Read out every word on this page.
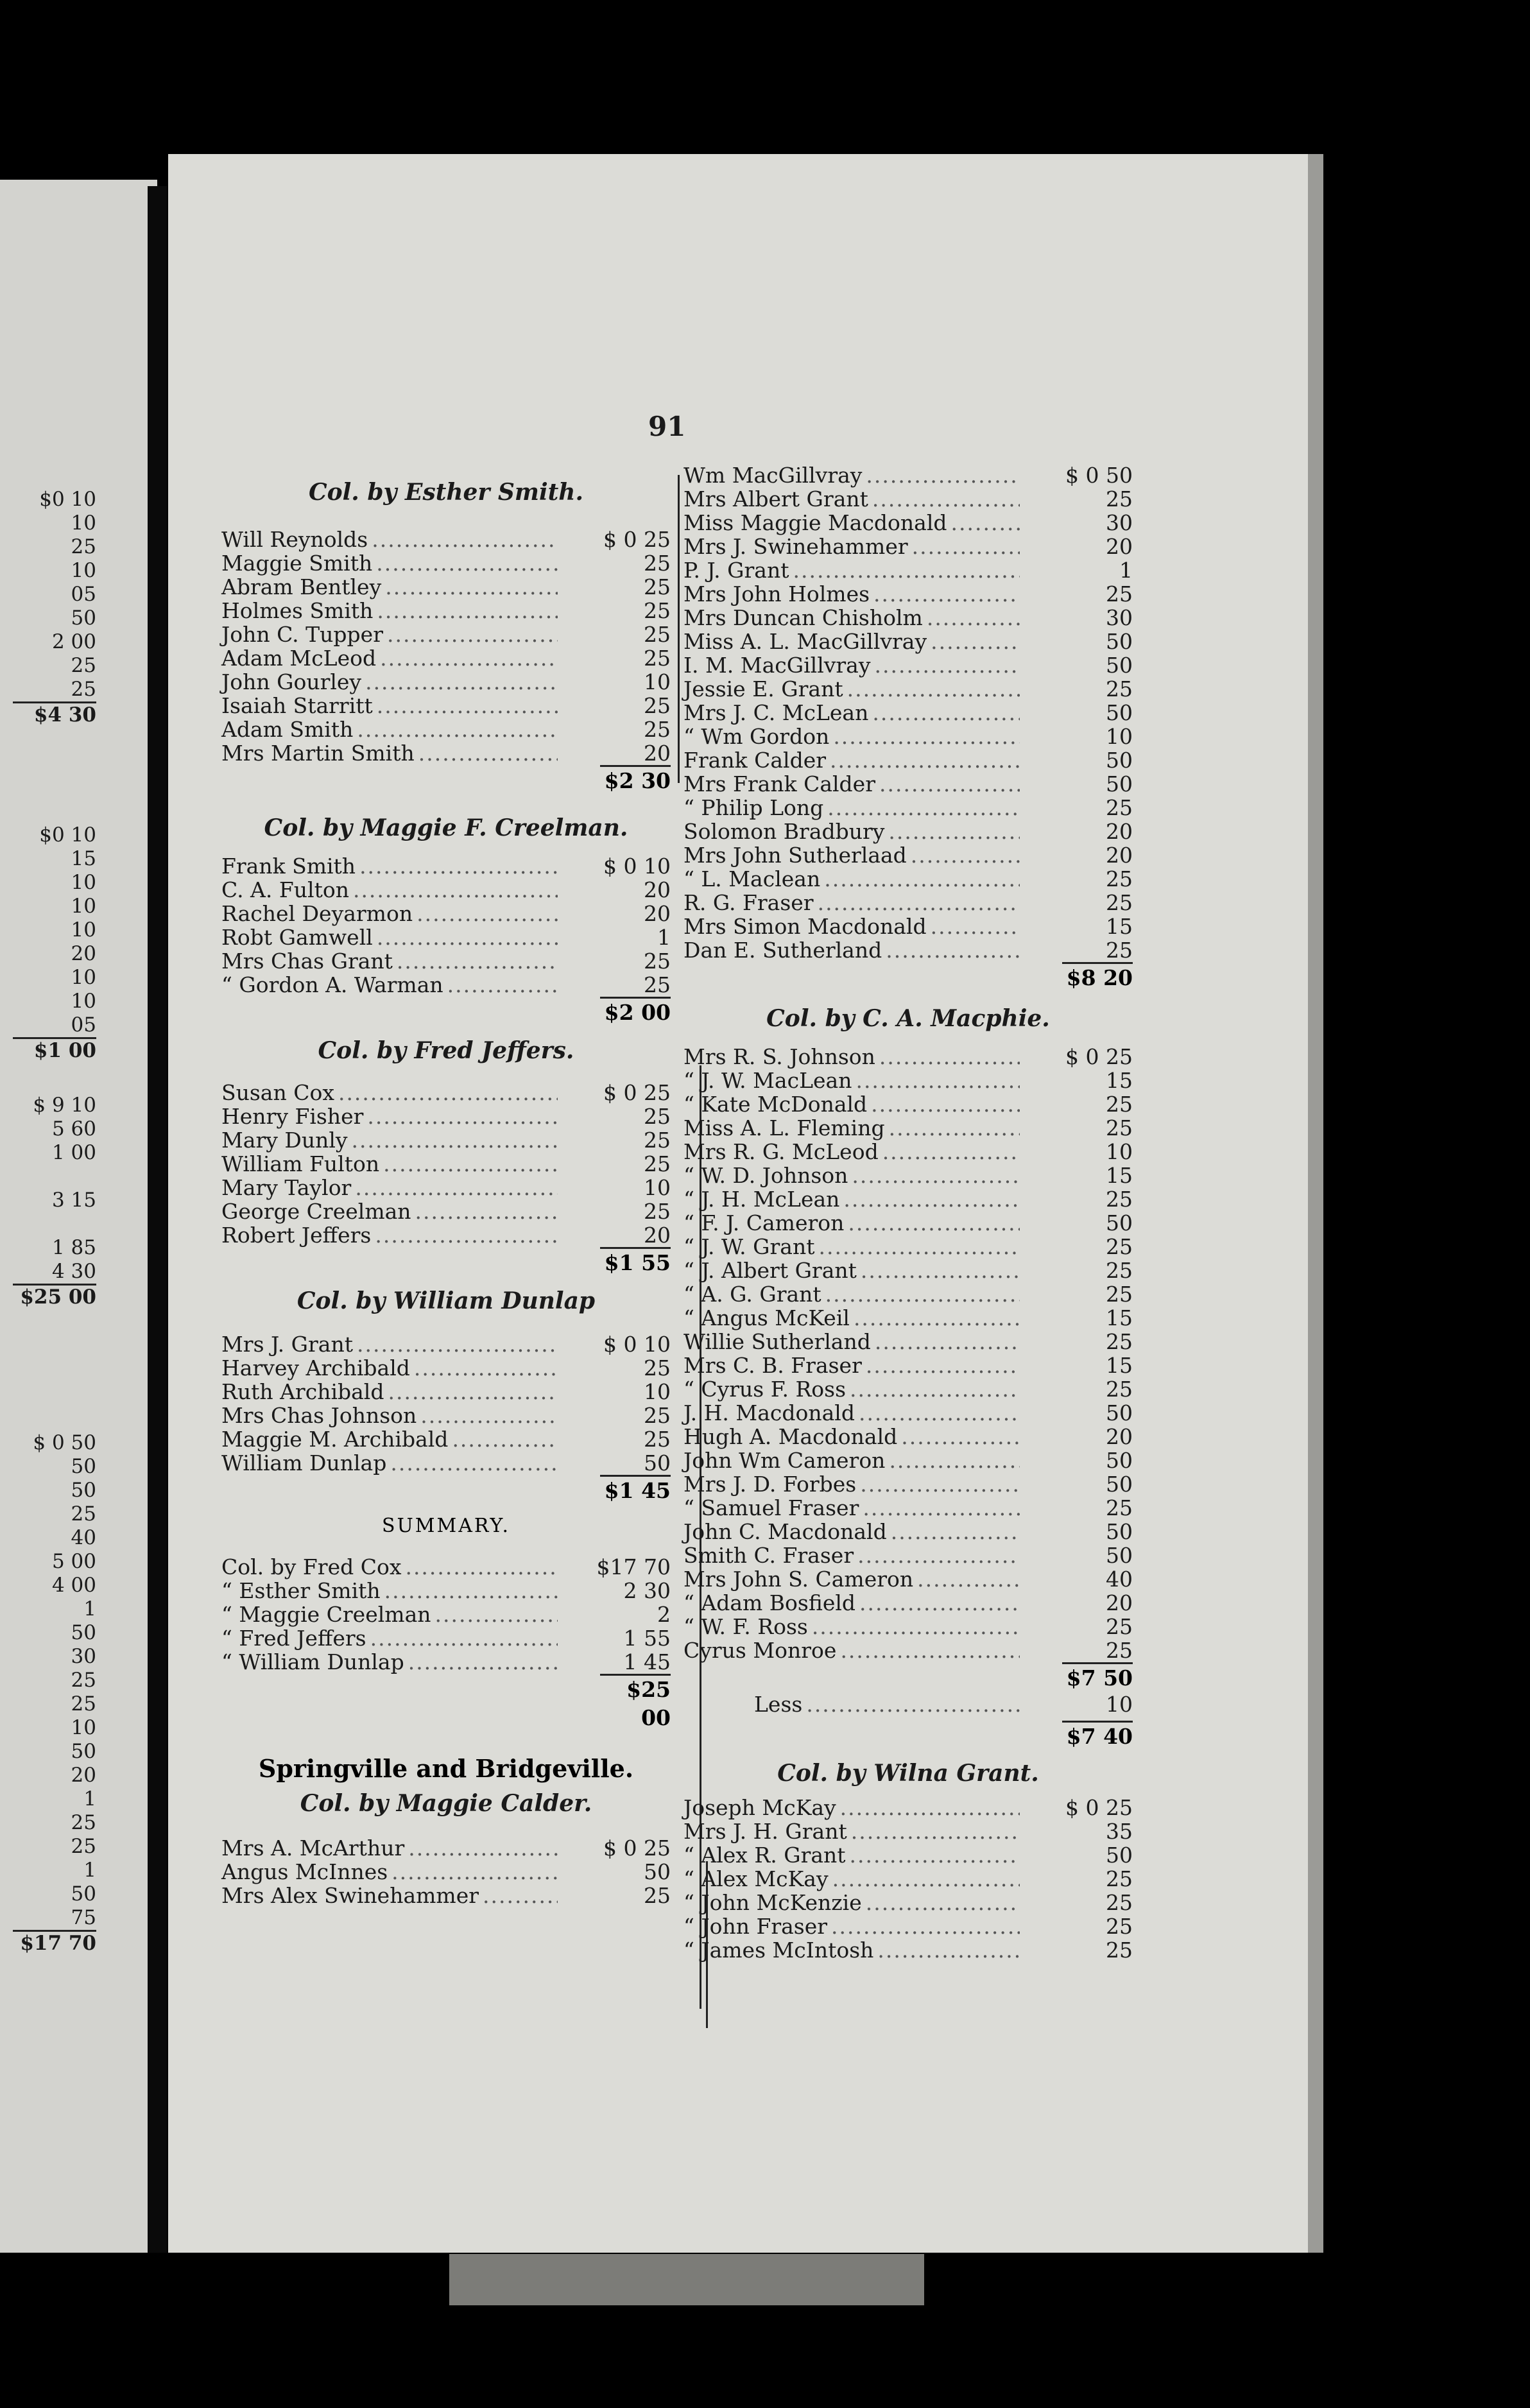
$0 10
10
25
10
05
50
2 00
25
25
$4 30
$0 10
15
10
10
10
20
10
10
05
$1 00
$ 9 10
5 60
1 00
3 15
1 85
4 30
$25 00
$ 0 50
50
50
25
40
5 00
4 00
1
50
30
25
25
10
50
20
1
25
25
1
50
75
$17 70
91
Col. by Esther Smith.
Will Reynolds .....	$ 0 25
Maggie Smith .....	25
Abram Bentley .....	25
Holmes Smith .....	25
John C. Tupper .....	25
Adam McLeod .....	25
John Gourley .....	10
Isaiah Starritt .....	25
Adam Smith .....	25
Mrs Martin Smith .....	20
$2 30
Col. by Maggie F. Creelman.
Frank Smith .....	$ 0 10
C. A. Fulton .....	20
Rachel Deyarmon .....	20
Robt Gamwell .....	1
Mrs Chas Grant .....	25
“ Gordon A. Warman .....	25
$2 00
Col. by Fred Jeffers.
Susan Cox .....	$ 0 25
Henry Fisher .....	25
Mary Dunly .....	25
William Fulton .....	25
Mary Taylor .....	10
George Creelman .....	25
Robert Jeffers .....	20
$1 55
Col. by William Dunlap
Mrs J. Grant .....	$ 0 10
Harvey Archibald .....	25
Ruth Archibald .....	10
Mrs Chas Johnson .....	25
Maggie M. Archibald .....	25
William Dunlap .....	50
$1 45
SUMMARY.
Col. by Fred Cox .....	$17 70
“ Esther Smith .....	2 30
“ Maggie Creelman .....	2
“ Fred Jeffers .....	1 55
“ William Dunlap .....	1 45
$25 00
Springville and Bridgeville.
Col. by Maggie Calder.
Mrs A. McArthur .....	$ 0 25
Angus McInnes .....	50
Mrs Alex Swinehammer .....	25
Wm MacGillvray .....	$ 0 50
Mrs Albert Grant .....	25
Miss Maggie Macdonald .....	30
Mrs J. Swinehammer .....	20
P. J. Grant .....	1
Mrs John Holmes .....	25
Mrs Duncan Chisholm .....	30
Miss A. L. MacGillvray .....	50
I. M. MacGillvray .....	50
Jessie E. Grant .....	25
Mrs J. C. McLean .....	50
“ Wm Gordon .....	10
Frank Calder .....	50
Mrs Frank Calder .....	50
“ Philip Long .....	25
Solomon Bradbury .....	20
Mrs John Sutherlaad .....	20
“ L. Maclean .....	25
R. G. Fraser .....	25
Mrs Simon Macdonald .....	15
Dan E. Sutherland .....	25
$8 20
Col. by C. A. Macphie.
Mrs R. S. Johnson .....	$ 0 25
“ J. W. MacLean .....	15
“ Kate McDonald .....	25
Miss A. L. Fleming .....	25
Mrs R. G. McLeod .....	10
“ W. D. Johnson .....	15
“ J. H. McLean .....	25
“ F. J. Cameron .....	50
“ J. W. Grant .....	25
“ J. Albert Grant .....	25
“ A. G. Grant .....	25
“ Angus McKeil .....	15
Willie Sutherland .....	25
Mrs C. B. Fraser .....	15
“ Cyrus F. Ross .....	25
J. H. Macdonald .....	50
Hugh A. Macdonald .....	20
John Wm Cameron .....	50
Mrs J. D. Forbes .....	50
“ Samuel Fraser .....	25
John C. Macdonald .....	50
Smith C. Fraser .....	50
Mrs John S. Cameron .....	40
“ Adam Bosfield .....	20
“ W. F. Ross .....	25
Cyrus Monroe .....	25
$7 50
Less .....	10
$7 40
Col. by Wilna Grant.
Joseph McKay .....	$ 0 25
Mrs J. H. Grant .....	35
“ Alex R. Grant .....	50
“ Alex McKay .....	25
“ John McKenzie .....	25
“ John Fraser .....	25
“ James McIntosh .....	25
